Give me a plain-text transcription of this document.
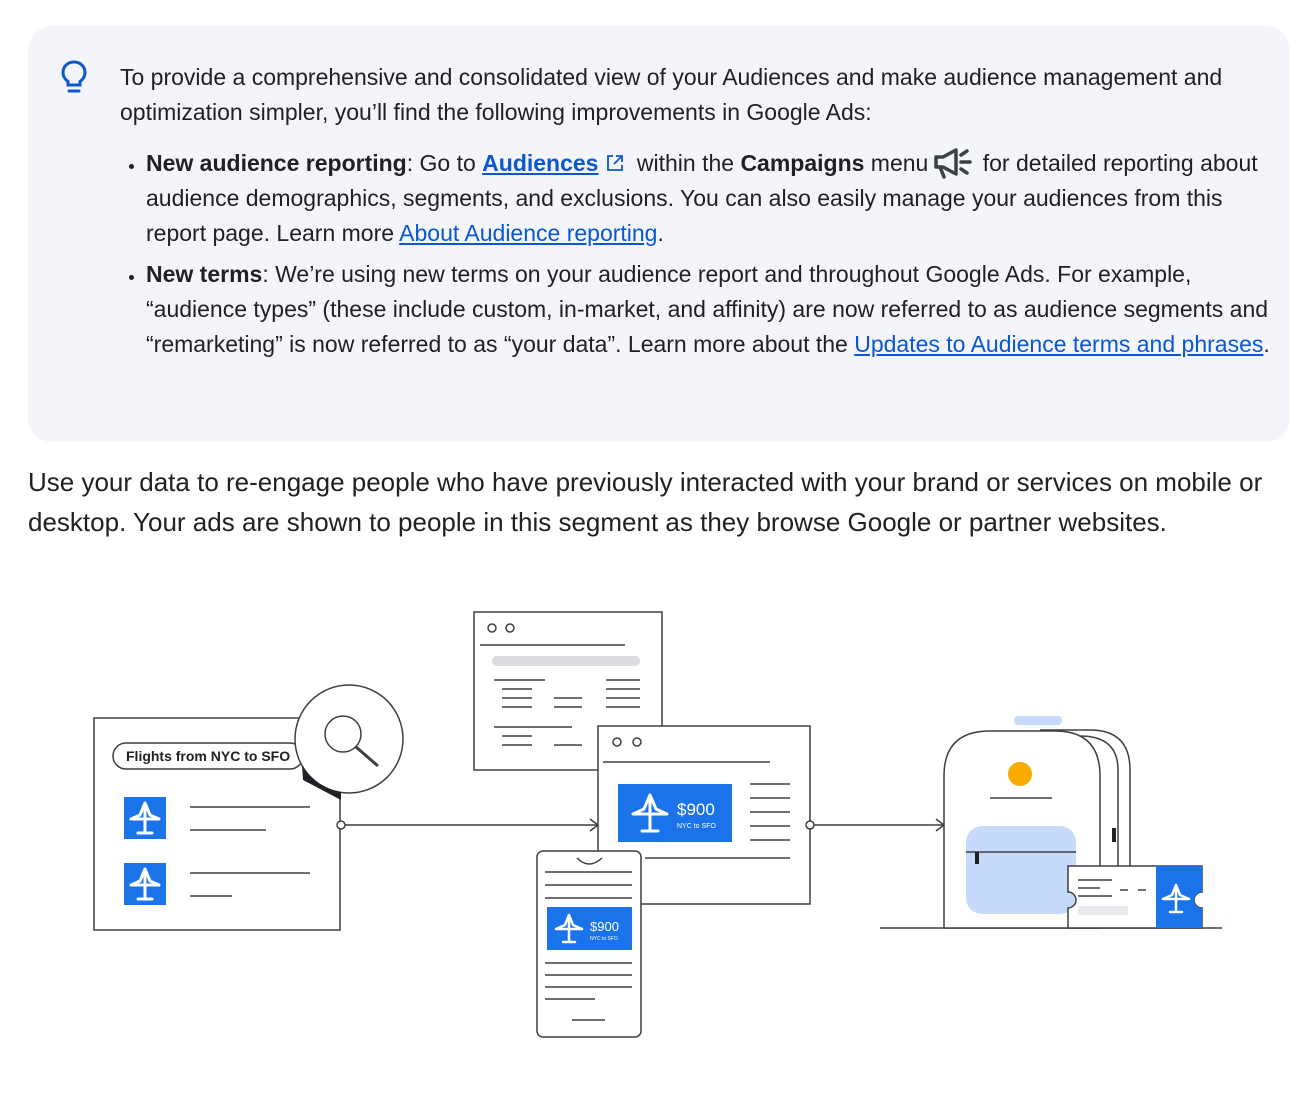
To provide a comprehensive and consolidated view of your Audiences and make audience management and optimization simpler, you’ll find the following improvements in Google Ads:

• New audience reporting: Go to Audiences within the Campaigns menu for detailed reporting about audience demographics, segments, and exclusions. You can also easily manage your audiences from this report page. Learn more About Audience reporting.
• New terms: We’re using new terms on your audience report and throughout Google Ads. For example, “audience types” (these include custom, in-market, and affinity) are now referred to as audience segments and “remarketing” is now referred to as “your data”. Learn more about the Updates to Audience terms and phrases.

Use your data to re-engage people who have previously interacted with your brand or services on mobile or desktop. Your ads are shown to people in this segment as they browse Google or partner websites.

Flights from NYC to SFO
$900
NYC to SFO
$900
NYC to SFO
